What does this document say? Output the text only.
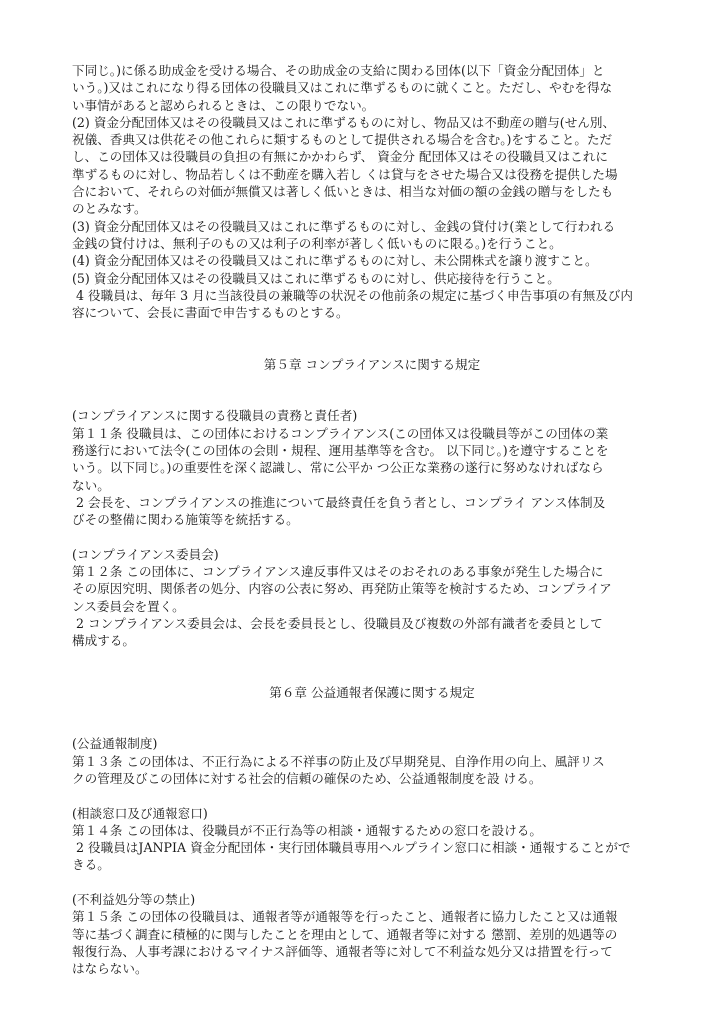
下同じ。)に係る助成金を受ける場合、その助成金の支給に関わる団体(以下「資金分配団体」と
いう。)又はこれになり得る団体の役職員又はこれに準ずるものに就くこと。ただし、やむを得な
い事情があると認められるときは、この限りでない。
(2) 資金分配団体又はその役職員又はこれに準ずるものに対し、物品又は不動産の贈与(せん別、
祝儀、香典又は供花その他これらに類するものとして提供される場合を含む。)をすること。ただ
し、この団体又は役職員の負担の有無にかかわらず、 資金分 配団体又はその役職員又はこれに
準ずるものに対し、物品若しくは不動産を購入若し くは貸与をさせた場合又は役務を提供した場
合において、それらの対価が無償又は著しく低いときは、相当な対価の額の金銭の贈与をしたも
のとみなす。
(3) 資金分配団体又はその役職員又はこれに準ずるものに対し、金銭の貸付け(業として行われる
金銭の貸付けは、無利子のもの又は利子の利率が著しく低いものに限る。)を行うこと。
(4) 資金分配団体又はその役職員又はこれに準ずるものに対し、未公開株式を譲り渡すこと。
(5) 資金分配団体又はその役職員又はこれに準ずるものに対し、供応接待を行うこと。
4 役職員は、毎年 3 月に当該役員の兼職等の状況その他前条の規定に基づく申告事項の有無及び内
容について、会長に書面で申告するものとする。
第５章 コンプライアンスに関する規定
(コンプライアンスに関する役職員の責務と責任者)
第１１条 役職員は、この団体におけるコンプライアンス(この団体又は役職員等がこの団体の業
務遂行において法令(この団体の会則・規程、運用基準等を含む。 以下同じ。)を遵守することを
いう。以下同じ。)の重要性を深く認識し、常に公平か つ公正な業務の遂行に努めなければなら
ない。
2 会長を、コンプライアンスの推進について最終責任を負う者とし、コンプライ アンス体制及
びその整備に関わる施策等を統括する。
(コンプライアンス委員会)
第１２条 この団体に、コンプライアンス違反事件又はそのおそれのある事象が発生した場合に
その原因究明、関係者の処分、内容の公表に努め、再発防止策等を検討するため、コンプライア
ンス委員会を置く。
2 コンプライアンス委員会は、会長を委員長とし、役職員及び複数の外部有識者を委員として
構成する。
第６章 公益通報者保護に関する規定
(公益通報制度)
第１３条 この団体は、不正行為による不祥事の防止及び早期発見、自浄作用の向上、風評リス
クの管理及びこの団体に対する社会的信頼の確保のため、公益通報制度を設 ける。
(相談窓口及び通報窓口)
第１４条 この団体は、役職員が不正行為等の相談・通報するための窓口を設ける。
2 役職員はJANPIA 資金分配団体・実行団体職員専用ヘルプライン窓口に相談・通報することがで
きる。
(不利益処分等の禁止)
第１５条 この団体の役職員は、通報者等が通報等を行ったこと、通報者に協力したこと又は通報
等に基づく調査に積極的に関与したことを理由として、通報者等に対する 懲罰、差別的処遇等の
報復行為、人事考課におけるマイナス評価等、通報者等に対して不利益な処分又は措置を行って
はならない。
